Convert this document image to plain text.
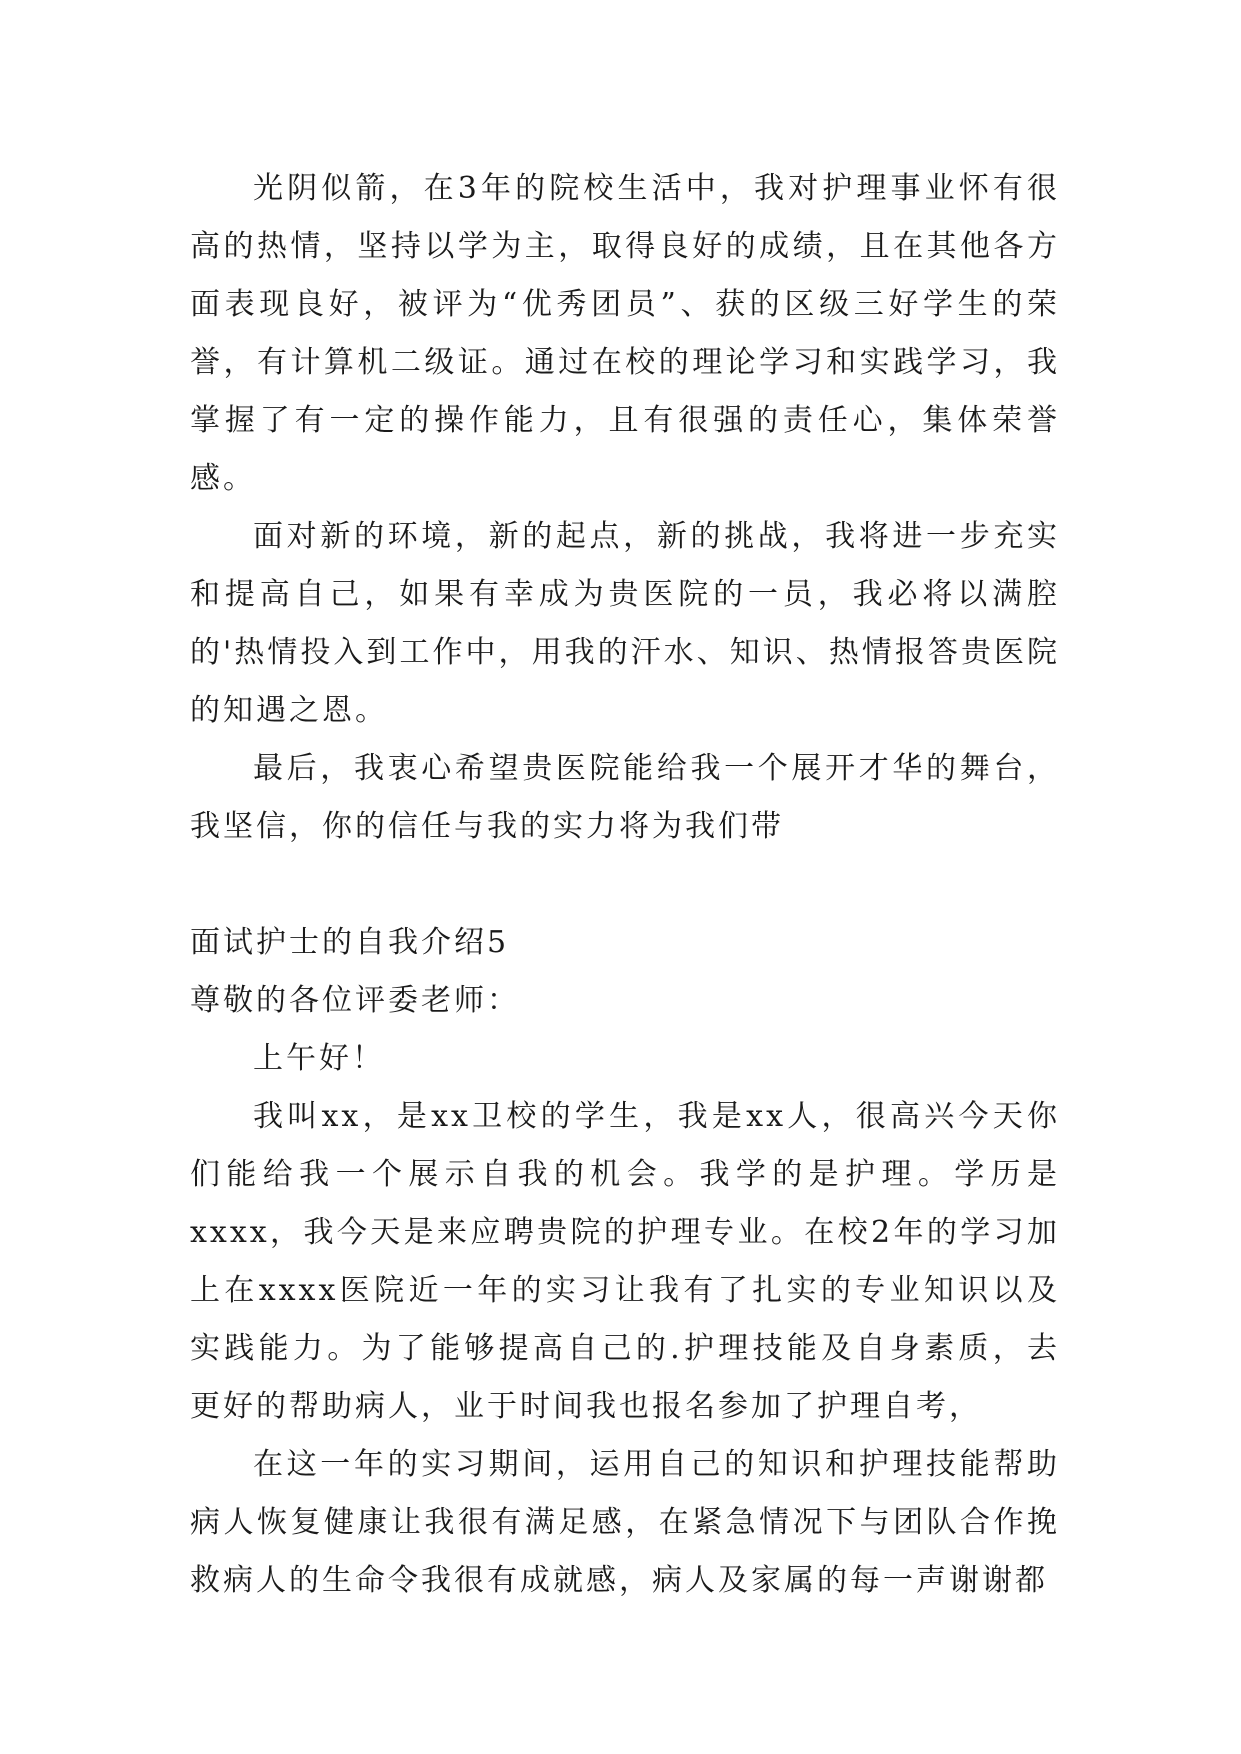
光阴似箭，在3年的院校生活中，我对护理事业怀有很高的热情，坚持以学为主，取得良好的成绩，且在其他各方面表现良好，被评为“优秀团员”、获的区级三好学生的荣誉，有计算机二级证。通过在校的理论学习和实践学习，我掌握了有一定的操作能力，且有很强的责任心，集体荣誉感。

面对新的环境，新的起点，新的挑战，我将进一步充实和提高自己，如果有幸成为贵医院的一员，我必将以满腔的'热情投入到工作中，用我的汗水、知识、热情报答贵医院的知遇之恩。

最后，我衷心希望贵医院能给我一个展开才华的舞台，我坚信，你的信任与我的实力将为我们带

面试护士的自我介绍5

尊敬的各位评委老师：

上午好！

我叫xx，是xx卫校的学生，我是xx人，很高兴今天你们能给我一个展示自我的机会。我学的是护理。学历是xxxx，我今天是来应聘贵院的护理专业。在校2年的学习加上在xxxx医院近一年的实习让我有了扎实的专业知识以及实践能力。为了能够提高自己的.护理技能及自身素质，去更好的帮助病人，业于时间我也报名参加了护理自考，

在这一年的实习期间，运用自己的知识和护理技能帮助病人恢复健康让我很有满足感，在紧急情况下与团队合作挽救病人的生命令我很有成就感，病人及家属的每一声谢谢都
